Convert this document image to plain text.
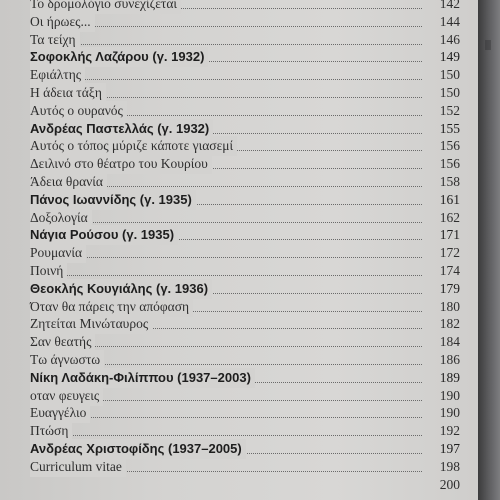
Το δρομολόγιο συνεχίζεται	142
Οι ήρωες...	144
Τα τείχη	146
Σοφοκλής Λαζάρου (γ. 1932)	149
Εφιάλτης	150
Η άδεια τάξη	150
Αυτός ο ουρανός	152
Ανδρέας Παστελλάς (γ. 1932)	155
Αυτός ο τόπος μύριζε κάποτε γιασεμί	156
Δειλινό στο θέατρο του Κουρίου	156
Άδεια θρανία	158
Πάνος Ιωαννίδης (γ. 1935)	161
Δοξολογία	162
Νάγια Ρούσου (γ. 1935)	171
Ρουμανία	172
Ποινή	174
Θεοκλής Κουγιάλης (γ. 1936)	179
Όταν θα πάρεις την απόφαση	180
Ζητείται Μινώταυρος	182
Σαν θεατής	184
Τω άγνωστω	186
Νίκη Λαδάκη-Φιλίππου (1937–2003)	189
οταν φευγεις	190
Ευαγγέλιο	190
Πτώση	192
Ανδρέας Χριστοφίδης (1937–2005)	197
Curriculum vitae	198
200
